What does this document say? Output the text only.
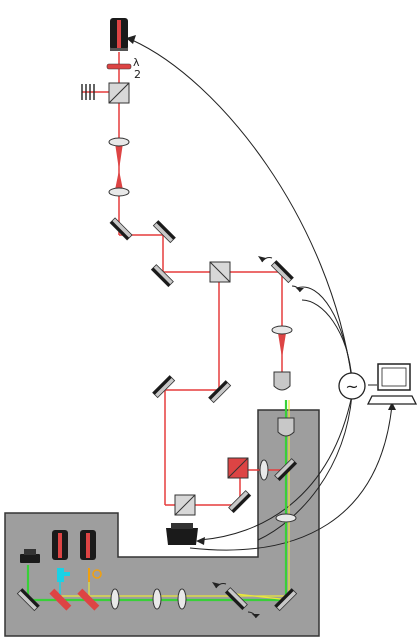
λ
2
~
